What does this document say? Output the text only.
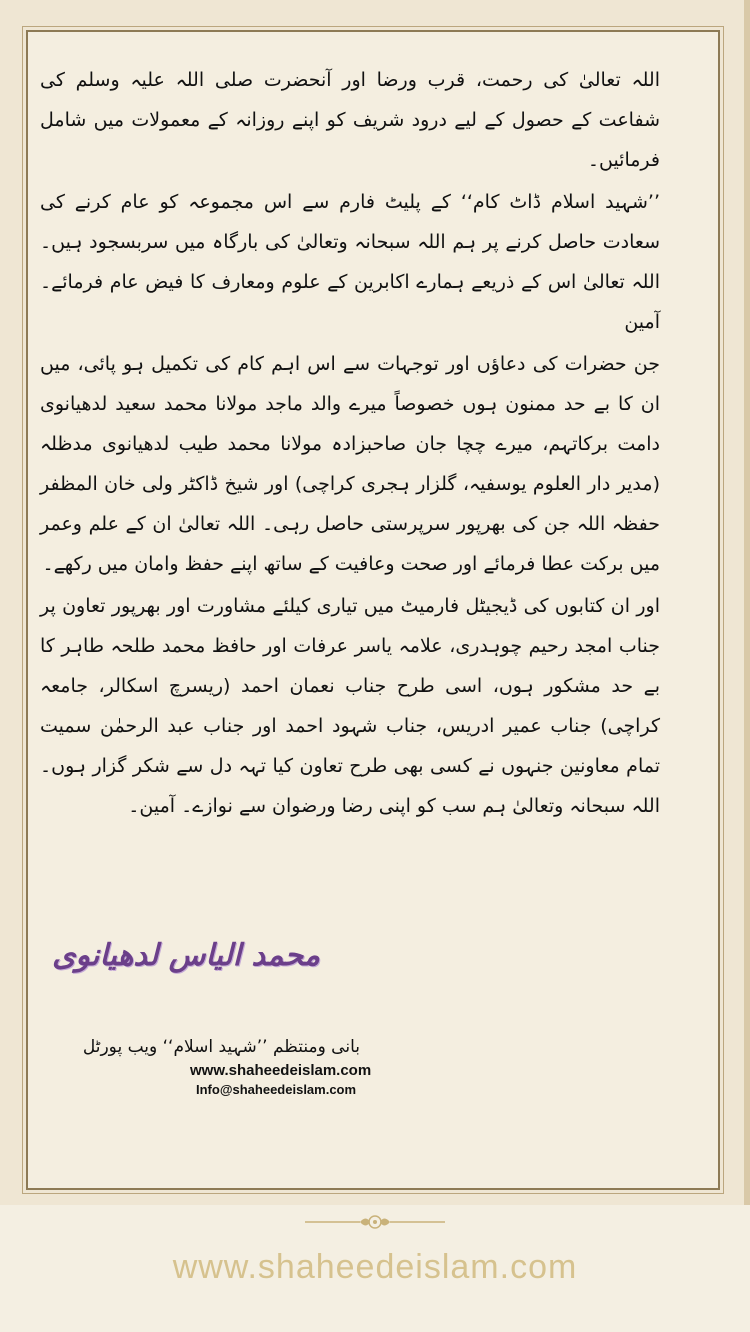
اللہ تعالیٰ کی رحمت، قرب ورضا اور آنحضرت صلی اللہ علیہ وسلم کی شفاعت کے حصول کے لیے درود شریف کو اپنے روزانہ کے معمولات میں شامل فرمائیں۔

’’شہید اسلام ڈاٹ کام‘‘ کے پلیٹ فارم سے اس مجموعہ کو عام کرنے کی سعادت حاصل کرنے پر ہم اللہ سبحانہ وتعالیٰ کی بارگاہ میں سربسجود ہیں۔ اللہ تعالیٰ اس کے ذریعے ہمارے اکابرین کے علوم ومعارف کا فیض عام فرمائے۔ آمین

جن حضرات کی دعاؤں اور توجہات سے اس اہم کام کی تکمیل ہو پائی، میں ان کا بے حد ممنون ہوں خصوصاً میرے والد ماجد مولانا محمد سعید لدھیانوی دامت برکاتہم، میرے چچا جان صاحبزادہ مولانا محمد طیب لدھیانوی مدظلہ (مدیر دار العلوم یوسفیہ، گلزار ہجری کراچی) اور شیخ ڈاکٹر ولی خان المظفر حفظہ اللہ جن کی بھرپور سرپرستی حاصل رہی۔ اللہ تعالیٰ ان کے علم وعمر میں برکت عطا فرمائے اور صحت وعافیت کے ساتھ اپنے حفظ وامان میں رکھے۔

اور ان کتابوں کی ڈیجیٹل فارمیٹ میں تیاری کیلئے مشاورت اور بھرپور تعاون پر جناب امجد رحیم چوہدری، علامہ یاسر عرفات اور حافظ محمد طلحہ طاہر کا بے حد مشکور ہوں، اسی طرح جناب نعمان احمد (ریسرچ اسکالر، جامعہ کراچی) جناب عمیر ادریس، جناب شہود احمد اور جناب عبد الرحمٰن سمیت تمام معاونین جنہوں نے کسی بھی طرح تعاون کیا تہہ دل سے شکر گزار ہوں۔ اللہ سبحانہ وتعالیٰ ہم سب کو اپنی رضا ورضوان سے نوازے۔ آمین۔

محمد الیاس لدھیانوی
بانی ومنتظم ’’شہید اسلام‘‘ ویب پورٹل
www.shaheedeislam.com
Info@shaheedeislam.com
www.shaheedeislam.com
